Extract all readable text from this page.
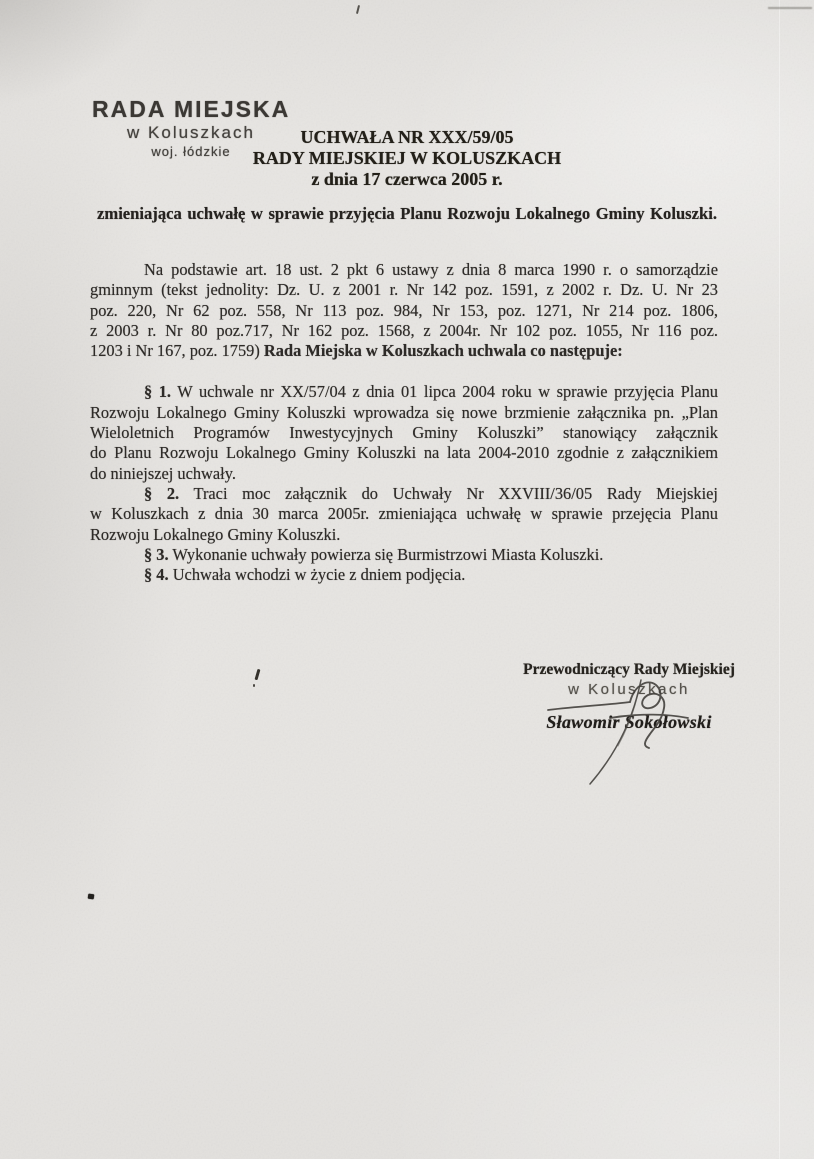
RADA MIEJSKA
w Koluszkach
woj. łódzkie
UCHWAŁA NR XXX/59/05
RADY MIEJSKIEJ W KOLUSZKACH
z dnia 17 czerwca 2005 r.
zmieniająca uchwałę w sprawie przyjęcia Planu Rozwoju Lokalnego Gminy Koluszki.
Na podstawie art. 18 ust. 2 pkt 6 ustawy z dnia 8 marca 1990 r. o samorządzie
gminnym (tekst jednolity: Dz. U. z 2001 r. Nr 142 poz. 1591, z 2002 r. Dz. U. Nr 23
poz. 220, Nr 62 poz. 558, Nr 113 poz. 984, Nr 153, poz. 1271, Nr 214 poz. 1806,
z 2003 r. Nr 80 poz.717, Nr 162 poz. 1568, z 2004r. Nr 102 poz. 1055, Nr 116 poz.
1203 i Nr 167, poz. 1759) Rada Miejska w Koluszkach uchwala co następuje:
§ 1. W uchwale nr XX/57/04 z dnia 01 lipca 2004 roku w sprawie przyjęcia Planu
Rozwoju Lokalnego Gminy Koluszki wprowadza się nowe brzmienie załącznika pn. „Plan
Wieloletnich Programów Inwestycyjnych Gminy Koluszki” stanowiący załącznik
do Planu Rozwoju Lokalnego Gminy Koluszki na lata 2004-2010 zgodnie z załącznikiem
do niniejszej uchwały.
§ 2. Traci moc załącznik do Uchwały Nr XXVIII/36/05 Rady Miejskiej
w Koluszkach z dnia 30 marca 2005r. zmieniająca uchwałę w sprawie przejęcia Planu
Rozwoju Lokalnego Gminy Koluszki.
§ 3. Wykonanie uchwały powierza się Burmistrzowi Miasta Koluszki.
§ 4. Uchwała wchodzi w życie z dniem podjęcia.
Przewodniczący Rady Miejskiej
w Koluszkach
Sławomir Sokołowski
